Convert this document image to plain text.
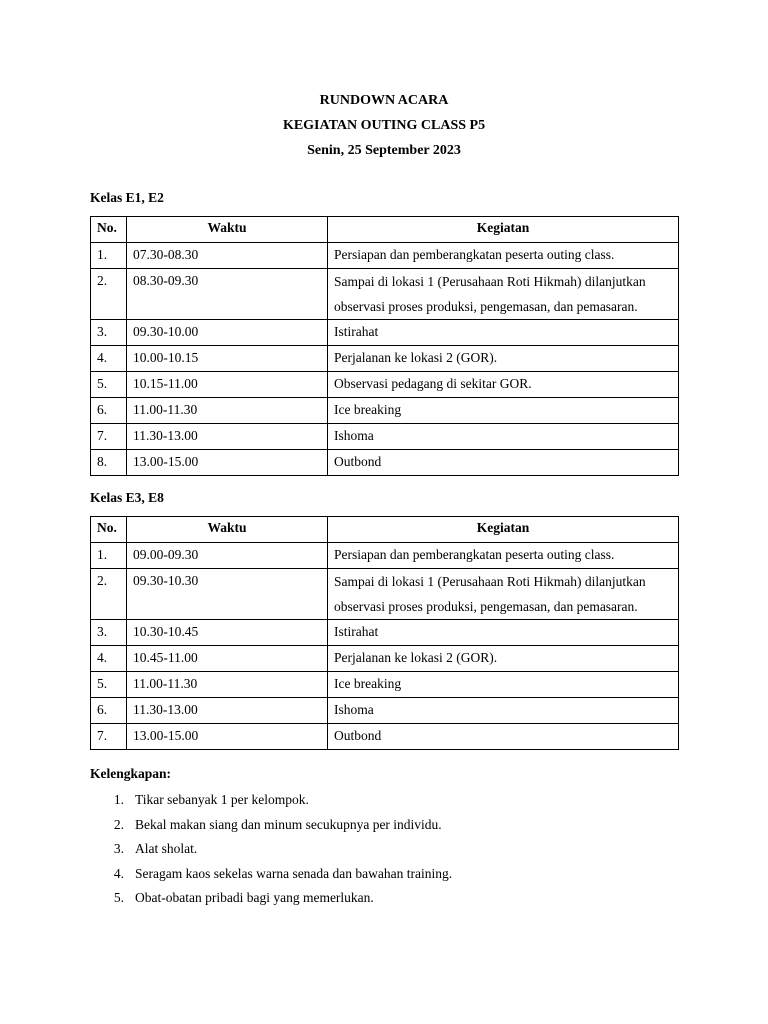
RUNDOWN ACARA
KEGIATAN OUTING CLASS P5
Senin, 25 September 2023
Kelas E1, E2
No.	Waktu	Kegiatan
1.	07.30-08.30	Persiapan dan pemberangkatan peserta outing class.
2.	08.30-09.30	Sampai di lokasi 1 (Perusahaan Roti Hikmah) dilanjutkan observasi proses produksi, pengemasan, dan pemasaran.
3.	09.30-10.00	Istirahat
4.	10.00-10.15	Perjalanan ke lokasi 2 (GOR).
5.	10.15-11.00	Observasi pedagang di sekitar GOR.
6.	11.00-11.30	Ice breaking
7.	11.30-13.00	Ishoma
8.	13.00-15.00	Outbond
Kelas E3, E8
No.	Waktu	Kegiatan
1.	09.00-09.30	Persiapan dan pemberangkatan peserta outing class.
2.	09.30-10.30	Sampai di lokasi 1 (Perusahaan Roti Hikmah) dilanjutkan observasi proses produksi, pengemasan, dan pemasaran.
3.	10.30-10.45	Istirahat
4.	10.45-11.00	Perjalanan ke lokasi 2 (GOR).
5.	11.00-11.30	Ice breaking
6.	11.30-13.00	Ishoma
7.	13.00-15.00	Outbond
Kelengkapan:
1. Tikar sebanyak 1 per kelompok.
2. Bekal makan siang dan minum secukupnya per individu.
3. Alat sholat.
4. Seragam kaos sekelas warna senada dan bawahan training.
5. Obat-obatan pribadi bagi yang memerlukan.
